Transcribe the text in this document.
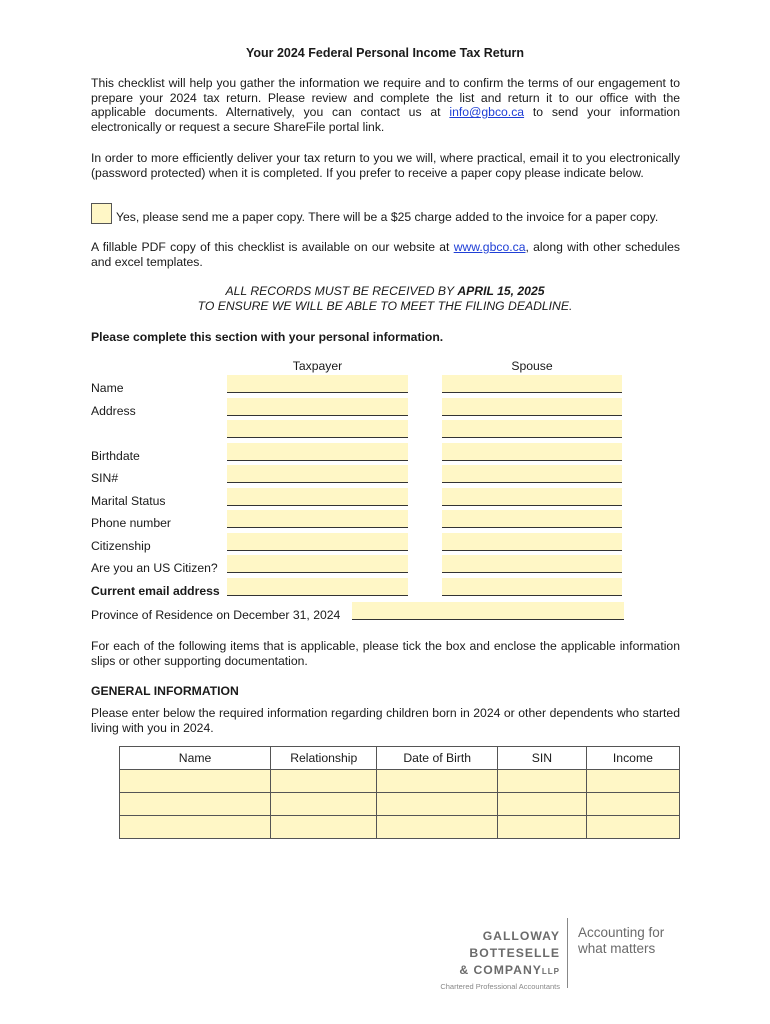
Your 2024 Federal Personal Income Tax Return
This checklist will help you gather the information we require and to confirm the terms of our engagement to prepare your 2024 tax return. Please review and complete the list and return it to our office with the applicable documents. Alternatively, you can contact us at info@gbco.ca to send your information electronically or request a secure ShareFile portal link.
In order to more efficiently deliver your tax return to you we will, where practical, email it to you electronically (password protected) when it is completed. If you prefer to receive a paper copy please indicate below.
Yes, please send me a paper copy. There will be a $25 charge added to the invoice for a paper copy.
A fillable PDF copy of this checklist is available on our website at www.gbco.ca, along with other schedules and excel templates.
ALL RECORDS MUST BE RECEIVED BY APRIL 15, 2025
TO ENSURE WE WILL BE ABLE TO MEET THE FILING DEADLINE.
Please complete this section with your personal information.
Taxpayer	Spouse
Name
Address
Birthdate
SIN#
Marital Status
Phone number
Citizenship
Are you an US Citizen?
Current email address
Province of Residence on December 31, 2024
For each of the following items that is applicable, please tick the box and enclose the applicable information slips or other supporting documentation.
GENERAL INFORMATION
Please enter below the required information regarding children born in 2024 or other dependents who started living with you in 2024.
Name	Relationship	Date of Birth	SIN	Income

GALLOWAY
BOTTESELLE
& COMPANYLLP
Chartered Professional Accountants
Accounting for
what matters
